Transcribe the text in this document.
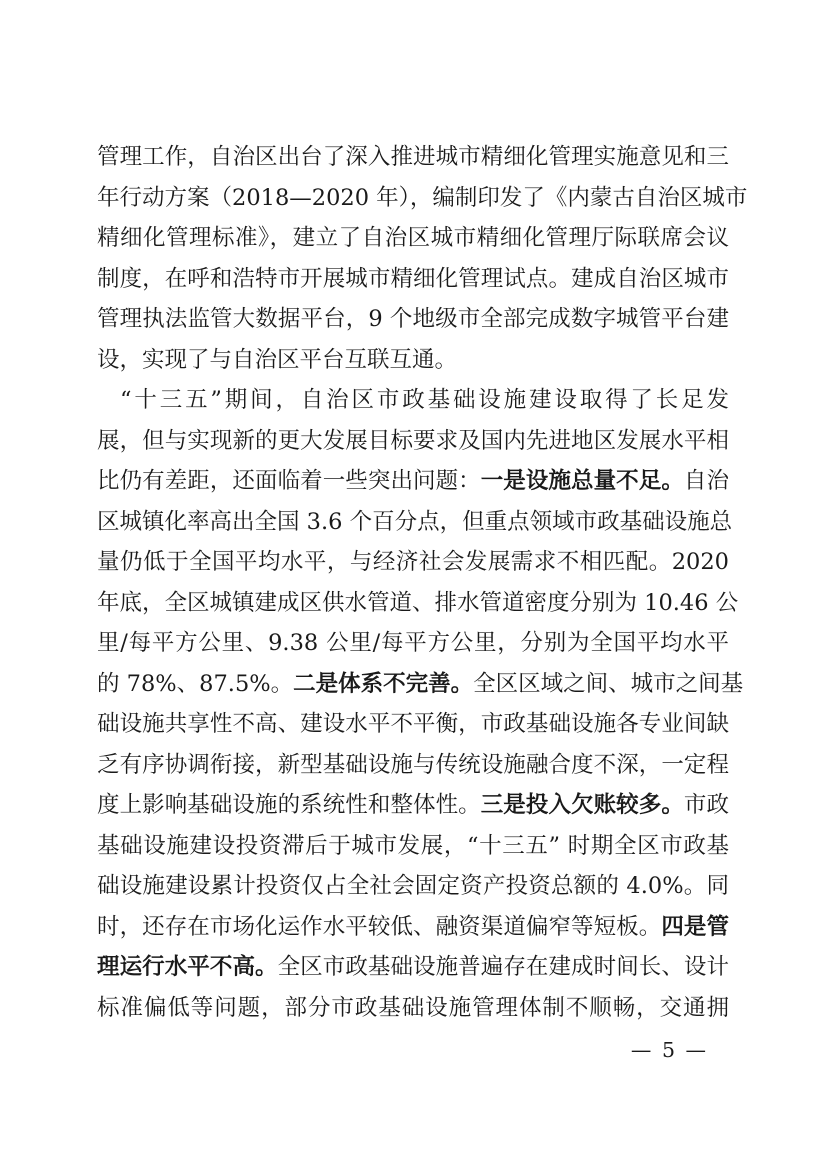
管理工作，自治区出台了深入推进城市精细化管理实施意见和三
年行动方案（2018—2020 年），编制印发了《内蒙古自治区城市
精细化管理标准》，建立了自治区城市精细化管理厅际联席会议
制度，在呼和浩特市开展城市精细化管理试点。建成自治区城市
管理执法监管大数据平台，9 个地级市全部完成数字城管平台建
设，实现了与自治区平台互联互通。
“十三五”期间，自治区市政基础设施建设取得了长足发
展，但与实现新的更大发展目标要求及国内先进地区发展水平相
比仍有差距，还面临着一些突出问题：一是设施总量不足。自治
区城镇化率高出全国 3.6 个百分点，但重点领域市政基础设施总
量仍低于全国平均水平，与经济社会发展需求不相匹配。2020
年底，全区城镇建成区供水管道、排水管道密度分别为 10.46 公
里/每平方公里、9.38 公里/每平方公里，分别为全国平均水平
的 78%、87.5%。二是体系不完善。全区区域之间、城市之间基
础设施共享性不高、建设水平不平衡，市政基础设施各专业间缺
乏有序协调衔接，新型基础设施与传统设施融合度不深，一定程
度上影响基础设施的系统性和整体性。三是投入欠账较多。市政
基础设施建设投资滞后于城市发展，“十三五” 时期全区市政基
础设施建设累计投资仅占全社会固定资产投资总额的 4.0%。同
时，还存在市场化运作水平较低、融资渠道偏窄等短板。四是管
理运行水平不高。全区市政基础设施普遍存在建成时间长、设计
标准偏低等问题，部分市政基础设施管理体制不顺畅，交通拥
— 5 —
